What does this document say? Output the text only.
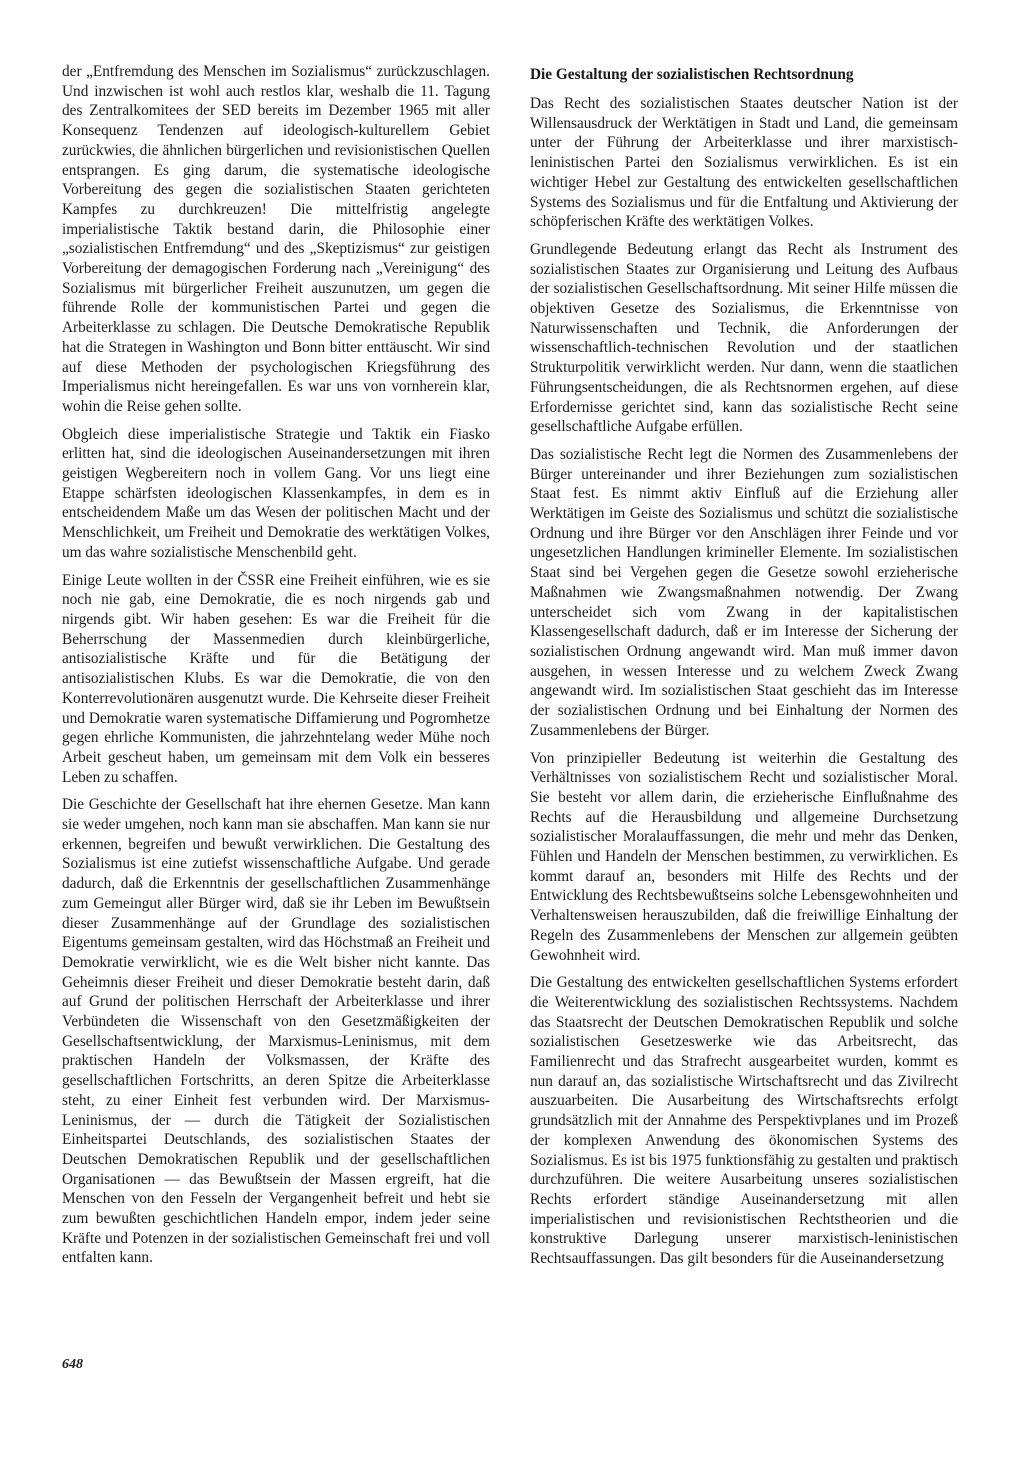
der „Entfremdung des Menschen im Sozialismus“ zurückzuschlagen. Und inzwischen ist wohl auch restlos klar, weshalb die 11. Tagung des Zentralkomitees der SED bereits im Dezember 1965 mit aller Konsequenz Tendenzen auf ideologisch-kulturellem Gebiet zurückwies, die ähnlichen bürgerlichen und revisionistischen Quellen entsprangen. Es ging darum, die systematische ideologische Vorbereitung des gegen die sozialistischen Staaten gerichteten Kampfes zu durchkreuzen! Die mittelfristig angelegte imperialistische Taktik bestand darin, die Philosophie einer „sozialistischen Entfremdung“ und des „Skeptizismus“ zur geistigen Vorbereitung der demagogischen Forderung nach „Vereinigung“ des Sozialismus mit bürgerlicher Freiheit auszunutzen, um gegen die führende Rolle der kommunistischen Partei und gegen die Arbeiterklasse zu schlagen. Die Deutsche Demokratische Republik hat die Strategen in Washington und Bonn bitter enttäuscht. Wir sind auf diese Methoden der psychologischen Kriegsführung des Imperialismus nicht hereingefallen. Es war uns von vornherein klar, wohin die Reise gehen sollte.

Obgleich diese imperialistische Strategie und Taktik ein Fiasko erlitten hat, sind die ideologischen Auseinandersetzungen mit ihren geistigen Wegbereitern noch in vollem Gang. Vor uns liegt eine Etappe schärfsten ideologischen Klassenkampfes, in dem es in entscheidendem Maße um das Wesen der politischen Macht und der Menschlichkeit, um Freiheit und Demokratie des werktätigen Volkes, um das wahre sozialistische Menschenbild geht.

Einige Leute wollten in der ČSSR eine Freiheit einführen, wie es sie noch nie gab, eine Demokratie, die es noch nirgends gab und nirgends gibt. Wir haben gesehen: Es war die Freiheit für die Beherrschung der Massenmedien durch kleinbürgerliche, antisozialistische Kräfte und für die Betätigung der antisozialistischen Klubs. Es war die Demokratie, die von den Konterrevolutionären ausgenutzt wurde. Die Kehrseite dieser Freiheit und Demokratie waren systematische Diffamierung und Pogromhetze gegen ehrliche Kommunisten, die jahrzehntelang weder Mühe noch Arbeit gescheut haben, um gemeinsam mit dem Volk ein besseres Leben zu schaffen.

Die Geschichte der Gesellschaft hat ihre ehernen Gesetze. Man kann sie weder umgehen, noch kann man sie abschaffen. Man kann sie nur erkennen, begreifen und bewußt verwirklichen. Die Gestaltung des Sozialismus ist eine zutiefst wissenschaftliche Aufgabe. Und gerade dadurch, daß die Erkenntnis der gesellschaftlichen Zusammenhänge zum Gemeingut aller Bürger wird, daß sie ihr Leben im Bewußtsein dieser Zusammenhänge auf der Grundlage des sozialistischen Eigentums gemeinsam gestalten, wird das Höchstmaß an Freiheit und Demokratie verwirklicht, wie es die Welt bisher nicht kannte. Das Geheimnis dieser Freiheit und dieser Demokratie besteht darin, daß auf Grund der politischen Herrschaft der Arbeiterklasse und ihrer Verbündeten die Wissenschaft von den Gesetzmäßigkeiten der Gesellschaftsentwicklung, der Marxismus-Leninismus, mit dem praktischen Handeln der Volksmassen, der Kräfte des gesellschaftlichen Fortschritts, an deren Spitze die Arbeiterklasse steht, zu einer Einheit fest verbunden wird. Der Marxismus-Leninismus, der — durch die Tätigkeit der Sozialistischen Einheitspartei Deutschlands, des sozialistischen Staates der Deutschen Demokratischen Republik und der gesellschaftlichen Organisationen — das Bewußtsein der Massen ergreift, hat die Menschen von den Fesseln der Vergangenheit befreit und hebt sie zum bewußten geschichtlichen Handeln empor, indem jeder seine Kräfte und Potenzen in der sozialistischen Gemeinschaft frei und voll entfalten kann.

Die Gestaltung der sozialistischen Rechtsordnung

Das Recht des sozialistischen Staates deutscher Nation ist der Willensausdruck der Werktätigen in Stadt und Land, die gemeinsam unter der Führung der Arbeiterklasse und ihrer marxistisch-leninistischen Partei den Sozialismus verwirklichen. Es ist ein wichtiger Hebel zur Gestaltung des entwickelten gesellschaftlichen Systems des Sozialismus und für die Entfaltung und Aktivierung der schöpferischen Kräfte des werktätigen Volkes.

Grundlegende Bedeutung erlangt das Recht als Instrument des sozialistischen Staates zur Organisierung und Leitung des Aufbaus der sozialistischen Gesellschaftsordnung. Mit seiner Hilfe müssen die objektiven Gesetze des Sozialismus, die Erkenntnisse von Naturwissenschaften und Technik, die Anforderungen der wissenschaftlich-technischen Revolution und der staatlichen Strukturpolitik verwirklicht werden. Nur dann, wenn die staatlichen Führungsentscheidungen, die als Rechtsnormen ergehen, auf diese Erfordernisse gerichtet sind, kann das sozialistische Recht seine gesellschaftliche Aufgabe erfüllen.

Das sozialistische Recht legt die Normen des Zusammenlebens der Bürger untereinander und ihrer Beziehungen zum sozialistischen Staat fest. Es nimmt aktiv Einfluß auf die Erziehung aller Werktätigen im Geiste des Sozialismus und schützt die sozialistische Ordnung und ihre Bürger vor den Anschlägen ihrer Feinde und vor ungesetzlichen Handlungen krimineller Elemente. Im sozialistischen Staat sind bei Vergehen gegen die Gesetze sowohl erzieherische Maßnahmen wie Zwangsmaßnahmen notwendig. Der Zwang unterscheidet sich vom Zwang in der kapitalistischen Klassengesellschaft dadurch, daß er im Interesse der Sicherung der sozialistischen Ordnung angewandt wird. Man muß immer davon ausgehen, in wessen Interesse und zu welchem Zweck Zwang angewandt wird. Im sozialistischen Staat geschieht das im Interesse der sozialistischen Ordnung und bei Einhaltung der Normen des Zusammenlebens der Bürger.

Von prinzipieller Bedeutung ist weiterhin die Gestaltung des Verhältnisses von sozialistischem Recht und sozialistischer Moral. Sie besteht vor allem darin, die erzieherische Einflußnahme des Rechts auf die Herausbildung und allgemeine Durchsetzung sozialistischer Moralauffassungen, die mehr und mehr das Denken, Fühlen und Handeln der Menschen bestimmen, zu verwirklichen. Es kommt darauf an, besonders mit Hilfe des Rechts und der Entwicklung des Rechtsbewußtseins solche Lebensgewohnheiten und Verhaltensweisen herauszubilden, daß die freiwillige Einhaltung der Regeln des Zusammenlebens der Menschen zur allgemein geübten Gewohnheit wird.

Die Gestaltung des entwickelten gesellschaftlichen Systems erfordert die Weiterentwicklung des sozialistischen Rechtssystems. Nachdem das Staatsrecht der Deutschen Demokratischen Republik und solche sozialistischen Gesetzeswerke wie das Arbeitsrecht, das Familienrecht und das Strafrecht ausgearbeitet wurden, kommt es nun darauf an, das sozialistische Wirtschaftsrecht und das Zivilrecht auszuarbeiten. Die Ausarbeitung des Wirtschaftsrechts erfolgt grundsätzlich mit der Annahme des Perspektivplanes und im Prozeß der komplexen Anwendung des ökonomischen Systems des Sozialismus. Es ist bis 1975 funktionsfähig zu gestalten und praktisch durchzuführen. Die weitere Ausarbeitung unseres sozialistischen Rechts erfordert ständige Auseinandersetzung mit allen imperialistischen und revisionistischen Rechtstheorien und die konstruktive Darlegung unserer marxistisch-leninistischen Rechtsauffassungen. Das gilt besonders für die Auseinandersetzung

648
